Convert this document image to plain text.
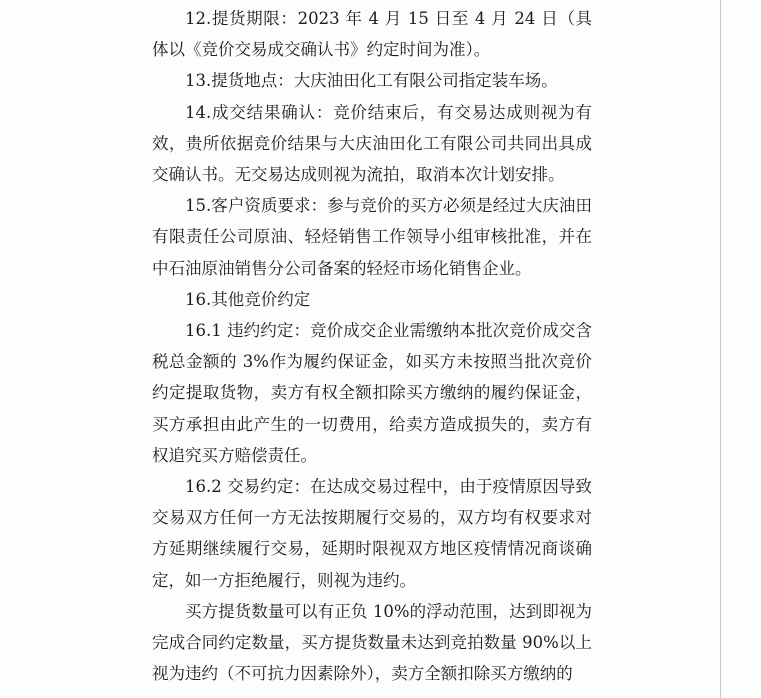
12.提货期限：2023 年 4 月 15 日至 4 月 24 日（具体以《竞价交易成交确认书》约定时间为准）。

13.提货地点：大庆油田化工有限公司指定装车场。

14.成交结果确认：竞价结束后，有交易达成则视为有效，贵所依据竞价结果与大庆油田化工有限公司共同出具成交确认书。无交易达成则视为流拍，取消本次计划安排。

15.客户资质要求：参与竞价的买方必须是经过大庆油田有限责任公司原油、轻烃销售工作领导小组审核批准，并在中石油原油销售分公司备案的轻烃市场化销售企业。

16.其他竞价约定

16.1 违约约定：竞价成交企业需缴纳本批次竞价成交含税总金额的 3%作为履约保证金，如买方未按照当批次竞价约定提取货物，卖方有权全额扣除买方缴纳的履约保证金，买方承担由此产生的一切费用，给卖方造成损失的，卖方有权追究买方赔偿责任。

16.2 交易约定：在达成交易过程中，由于疫情原因导致交易双方任何一方无法按期履行交易的，双方均有权要求对方延期继续履行交易，延期时限视双方地区疫情情况商谈确定，如一方拒绝履行，则视为违约。

买方提货数量可以有正负 10%的浮动范围，达到即视为完成合同约定数量，买方提货数量未达到竞拍数量 90%以上视为违约（不可抗力因素除外），卖方全额扣除买方缴纳的
